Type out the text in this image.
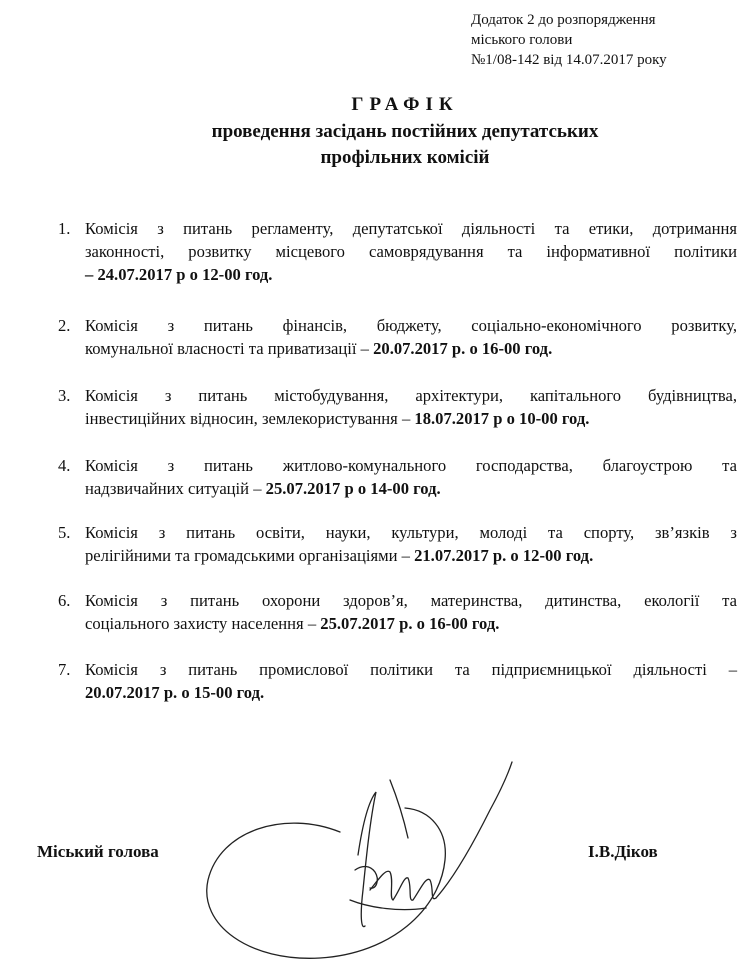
Додаток 2 до розпорядження
міського голови
№1/08-142 від 14.07.2017 року
ГРАФІК
проведення засідань постійних депутатських
профільних комісій
1. Комісія з питань регламенту, депутатської діяльності та етики, дотримання
законності, розвитку місцевого самоврядування та інформативної політики
– 24.07.2017 р о 12-00 год.
2. Комісія з питань фінансів, бюджету, соціально-економічного розвитку,
комунальної власності та приватизації – 20.07.2017 р. о 16-00 год.
3. Комісія з питань містобудування, архітектури, капітального будівництва,
інвестиційних відносин, землекористування – 18.07.2017 р о 10-00 год.
4. Комісія з питань житлово-комунального господарства, благоустрою та
надзвичайних ситуацій – 25.07.2017 р о 14-00 год.
5. Комісія з питань освіти, науки, культури, молоді та спорту, зв’язків з
релігійними та громадськими організаціями – 21.07.2017 р. о 12-00 год.
6. Комісія з питань охорони здоров’я, материнства, дитинства, екології та
соціального захисту населення – 25.07.2017 р. о 16-00 год.
7. Комісія з питань промислової політики та підприємницької діяльності –
20.07.2017 р. о 15-00 год.
Міський голова	І.В.Діков
